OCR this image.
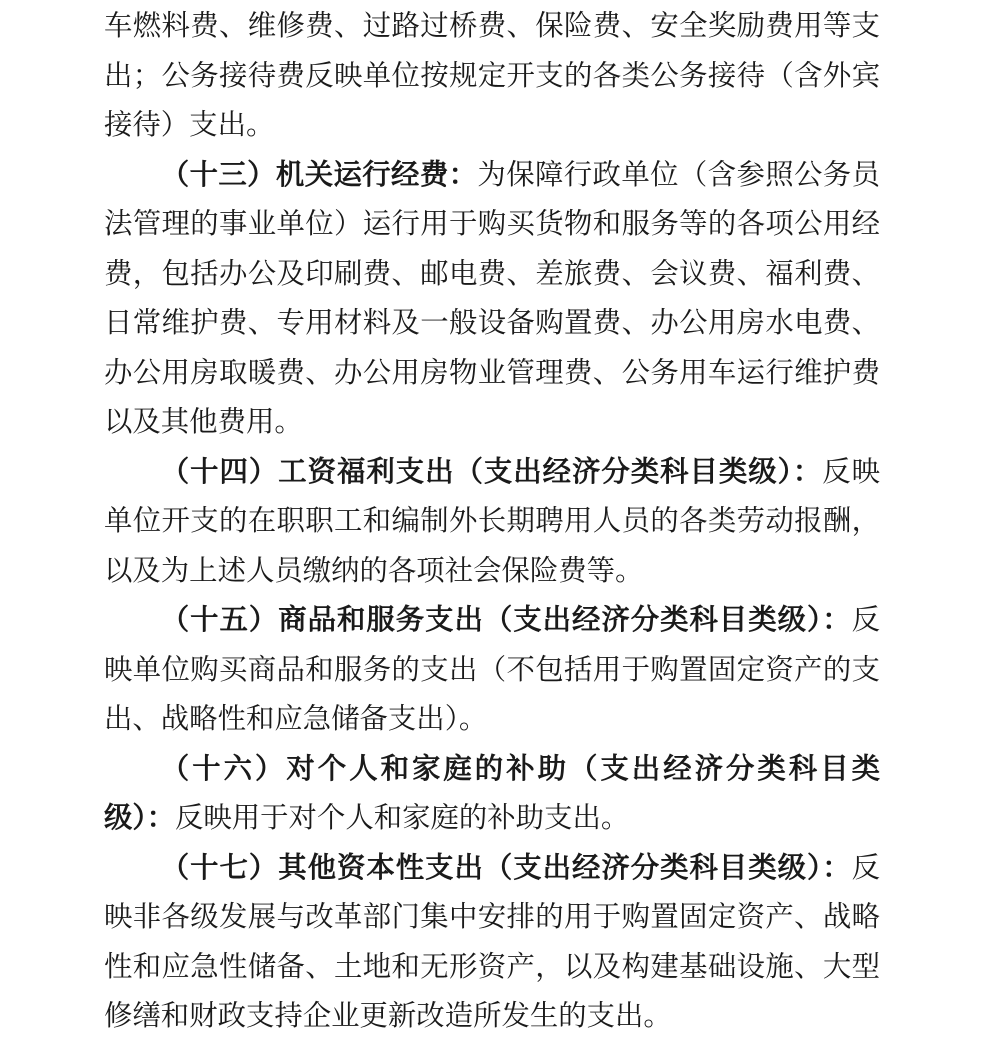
车燃料费、维修费、过路过桥费、保险费、安全奖励费用等支出；公务接待费反映单位按规定开支的各类公务接待（含外宾接待）支出。

（十三）机关运行经费：为保障行政单位（含参照公务员法管理的事业单位）运行用于购买货物和服务等的各项公用经费，包括办公及印刷费、邮电费、差旅费、会议费、福利费、日常维护费、专用材料及一般设备购置费、办公用房水电费、办公用房取暖费、办公用房物业管理费、公务用车运行维护费以及其他费用。

（十四）工资福利支出（支出经济分类科目类级）：反映单位开支的在职职工和编制外长期聘用人员的各类劳动报酬，以及为上述人员缴纳的各项社会保险费等。

（十五）商品和服务支出（支出经济分类科目类级）：反映单位购买商品和服务的支出（不包括用于购置固定资产的支出、战略性和应急储备支出）。

（十六）对个人和家庭的补助（支出经济分类科目类级）：反映用于对个人和家庭的补助支出。

（十七）其他资本性支出（支出经济分类科目类级）：反映非各级发展与改革部门集中安排的用于购置固定资产、战略性和应急性储备、土地和无形资产，以及构建基础设施、大型修缮和财政支持企业更新改造所发生的支出。
